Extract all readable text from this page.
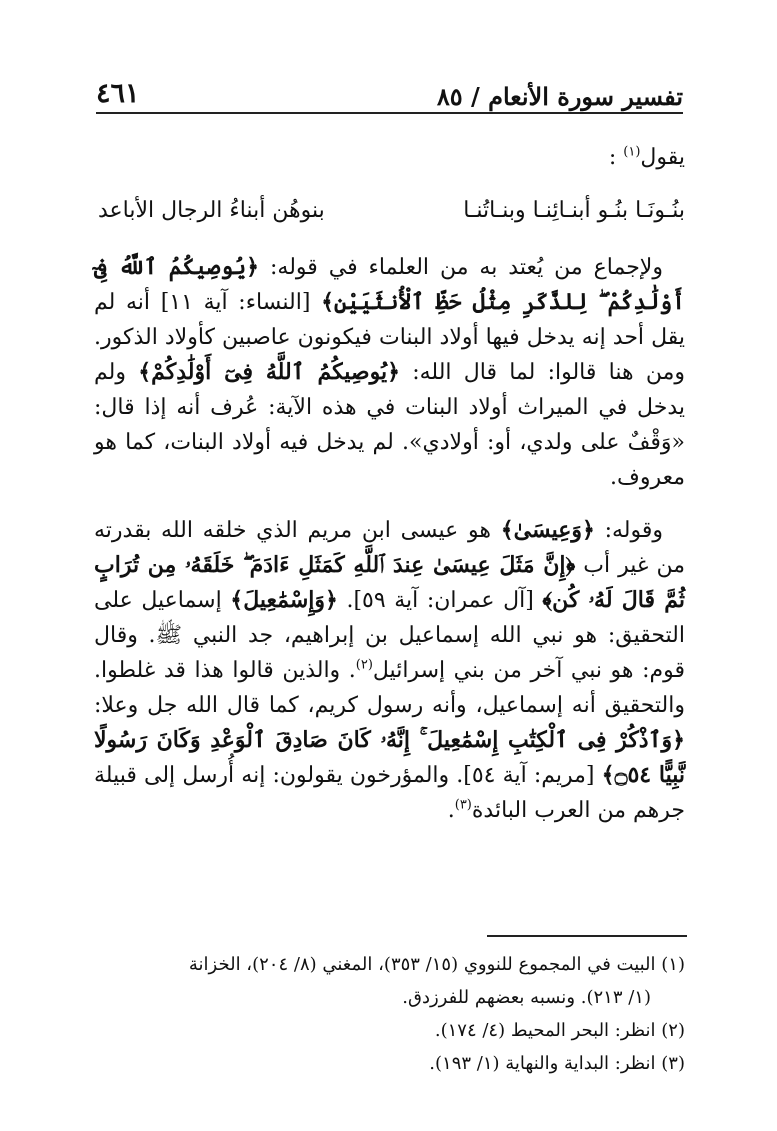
تفسير سورة الأنعام / ٨٥
٤٦١

يقول$^{(١)}$ :

بنُـونَـا بنُـو أبنـائِنـا وبنـاتُنـا
بنوهُن أبناءُ الرجال الأباعد

 ولإجماع من يُعتد به من العلماء في قوله: ﴿يُوصِيكُمُ ٱللَّهُ فِىٓ أَوْلَٰدِكُمْ ۖ لِلذَّكَرِ مِثْلُ حَظِّ ٱلْأُنثَيَيْنِ﴾ [النساء: آية ١١] أنه لم يقل أحد إنه يدخل فيها أولاد البنات فيكونون عاصبين كأولاد الذكور. ومن هنا قالوا: لما قال الله: ﴿يُوصِيكُمُ ٱللَّهُ فِىٓ أَوْلَٰدِكُمْ﴾ ولم يدخل في الميراث أولاد البنات في هذه الآية: عُرف أنه إذا قال: «وَقْفٌ على ولدي، أو: أولادي». لم يدخل فيه أولاد البنات، كما هو معروف.

 وقوله: ﴿وَعِيسَىٰ﴾ هو عيسى ابن مريم الذي خلقه الله بقدرته من غير أب ﴿إِنَّ مَثَلَ عِيسَىٰ عِندَ ٱللَّهِ كَمَثَلِ ءَادَمَ ۖ خَلَقَهُۥ مِن تُرَابٍ ثُمَّ قَالَ لَهُۥ كُن﴾ [آل عمران: آية ٥٩]. ﴿وَإِسْمَٰعِيلَ﴾ إسماعيل على التحقيق: هو نبي الله إسماعيل بن إبراهيم، جد النبي ﷺ. وقال قوم: هو نبي آخر من بني إسرائيل$^{(٢)}$. والذين قالوا هذا قد غلطوا. والتحقيق أنه إسماعيل، وأنه رسول كريم، كما قال الله جل وعلا: ﴿وَٱذْكُرْ فِى ٱلْكِتَٰبِ إِسْمَٰعِيلَ ۚ إِنَّهُۥ كَانَ صَادِقَ ٱلْوَعْدِ وَكَانَ رَسُولًا نَّبِيًّا ۝٥٤﴾ [مريم: آية ٥٤]. والمؤرخون يقولون: إنه أُرسل إلى قبيلة جرهم من العرب البائدة$^{(٣)}$.

(١) البيت في المجموع للنووي (١٥/ ٣٥٣)، المغني (٨/ ٢٠٤)، الخزانة

(١/ ٢١٣). ونسبه بعضهم للفرزدق.

(٢) انظر: البحر المحيط (٤/ ١٧٤).

(٣) انظر: البداية والنهاية (١/ ١٩٣).
